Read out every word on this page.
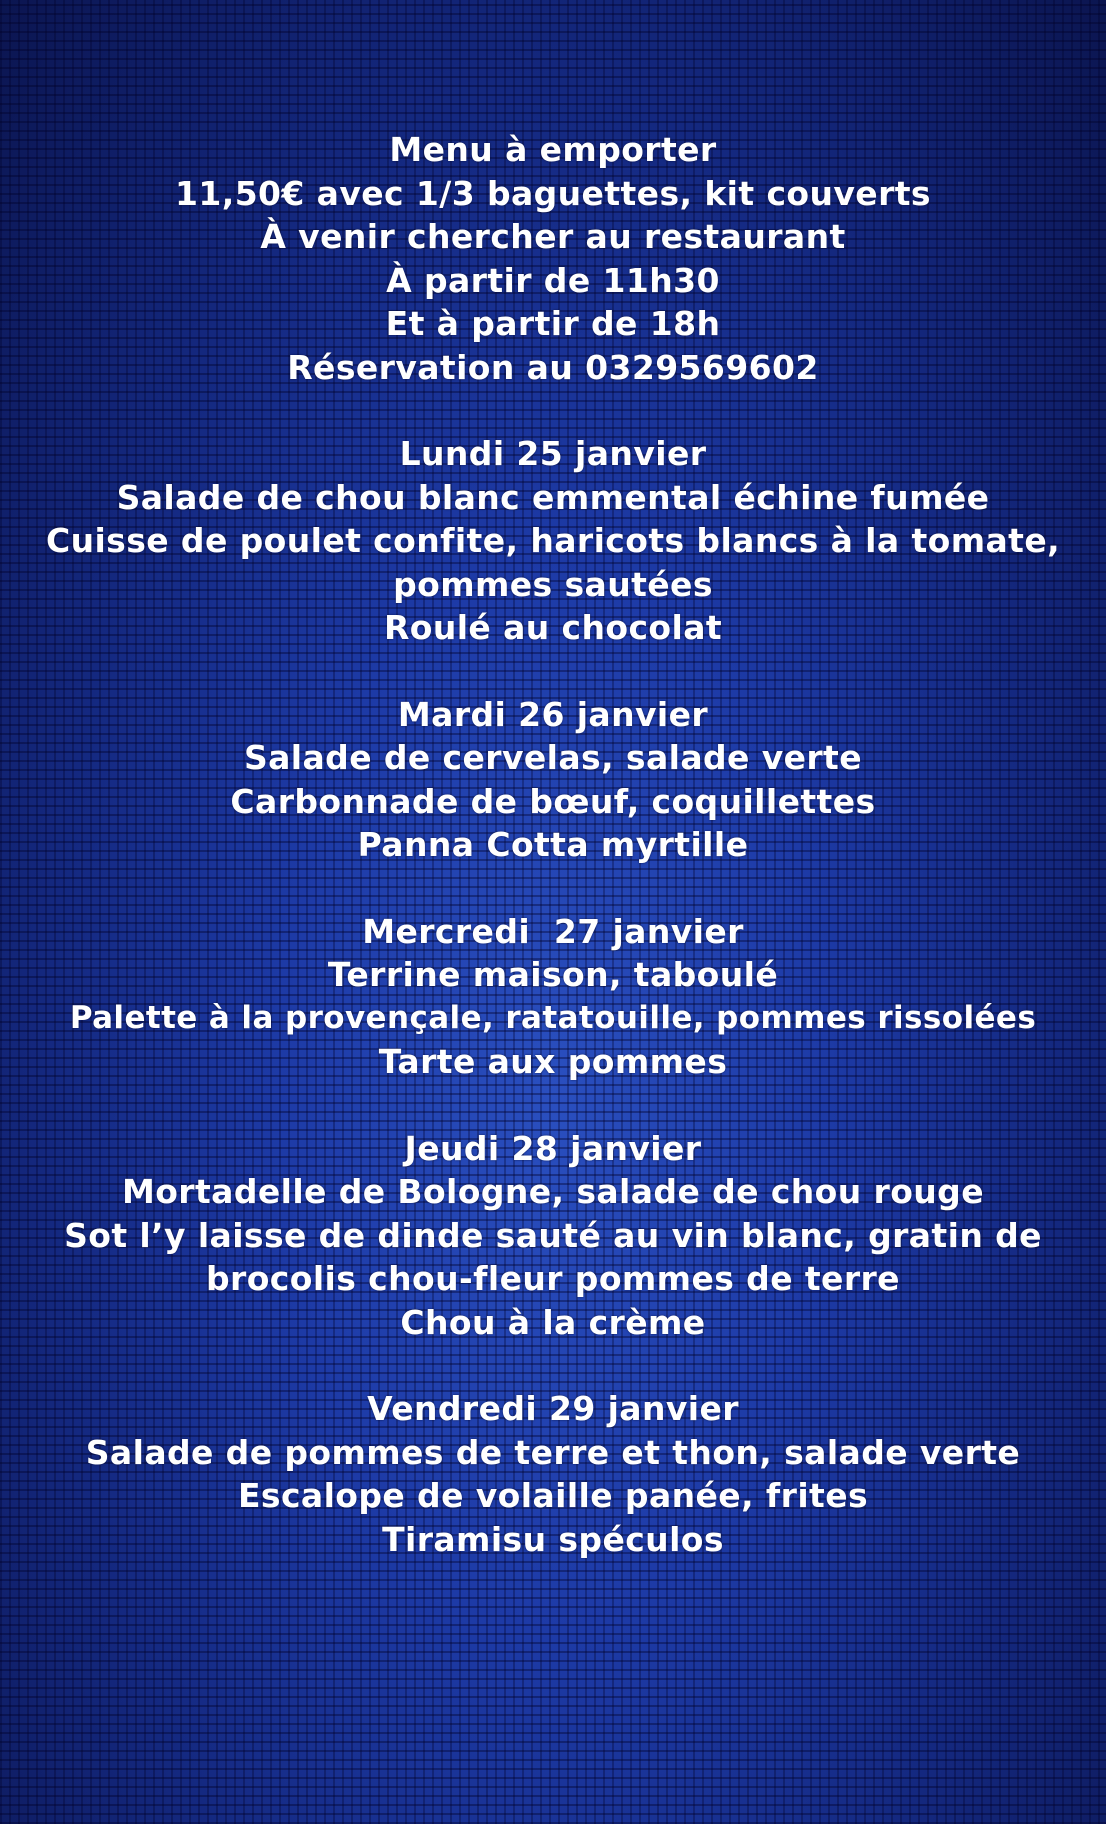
Menu à emporter
11,50€ avec 1/3 baguettes, kit couverts
À venir chercher au restaurant
À partir de 11h30
Et à partir de 18h
Réservation au 0329569602
Lundi 25 janvier
Salade de chou blanc emmental échine fumée
Cuisse de poulet confite, haricots blancs à la tomate, pommes sautées
Roulé au chocolat
Mardi 26 janvier
Salade de cervelas, salade verte
Carbonnade de bœuf, coquillettes
Panna Cotta myrtille
Mercredi  27 janvier
Terrine maison, taboulé
Palette à la provençale, ratatouille, pommes rissolées
Tarte aux pommes
Jeudi 28 janvier
Mortadelle de Bologne, salade de chou rouge
Sot l’y laisse de dinde sauté au vin blanc, gratin de brocolis chou-fleur pommes de terre
Chou à la crème
Vendredi 29 janvier
Salade de pommes de terre et thon, salade verte
Escalope de volaille panée, frites
Tiramisu spéculos
